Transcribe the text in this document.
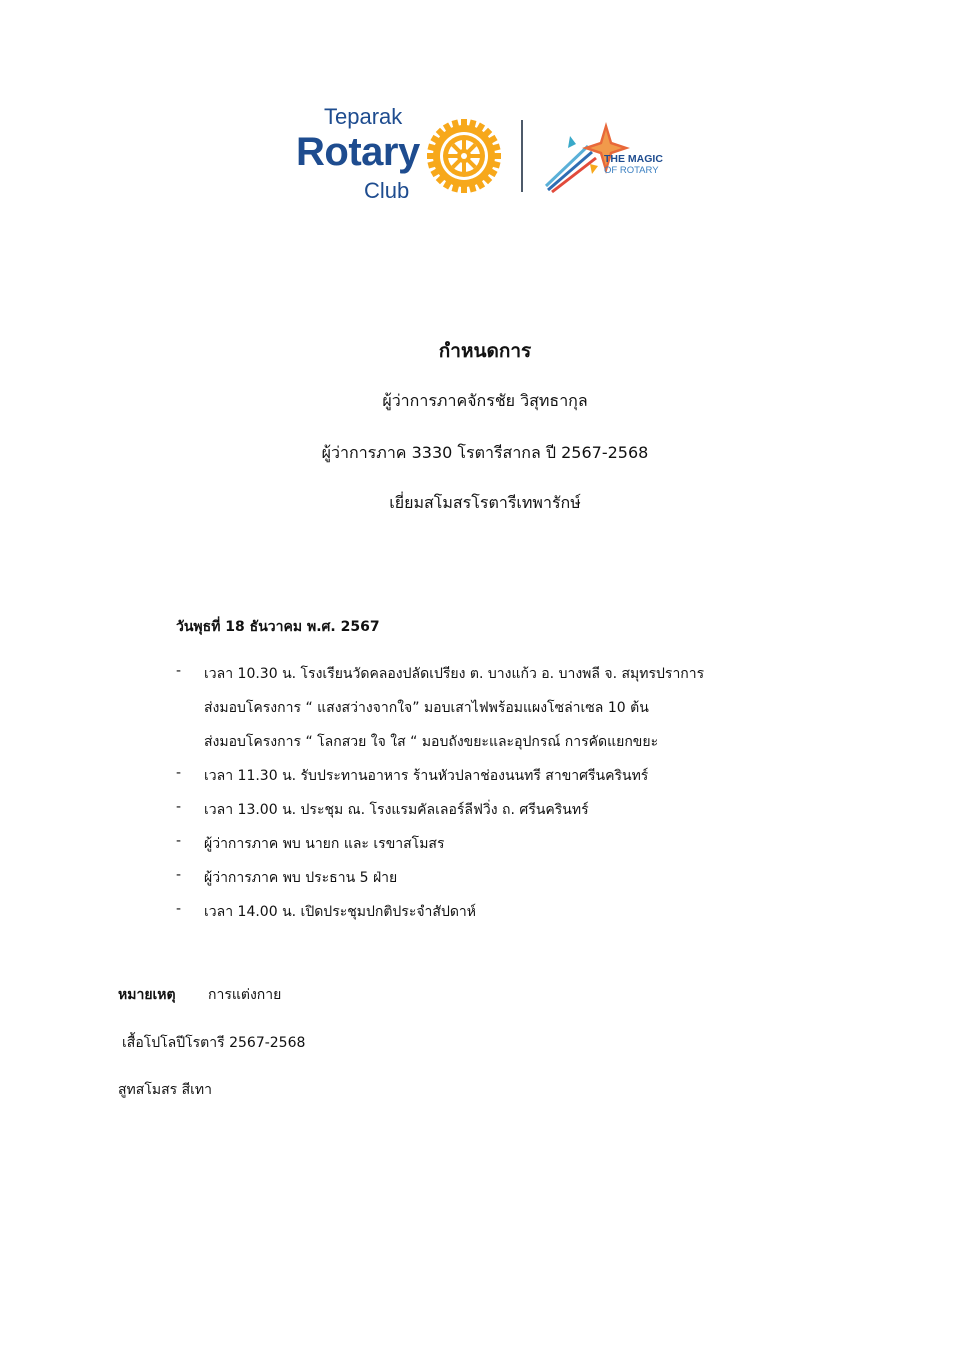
Teparak
Rotary
Club
THE MAGIC
OF ROTARY
กำหนดการ
ผู้ว่าการภาคจักรชัย วิสุทธากุล
ผู้ว่าการภาค 3330 โรตารีสากล ปี 2567-2568
เยี่ยมสโมสรโรตารีเทพารักษ์
วันพุธที่ 18 ธันวาคม พ.ศ. 2567
- เวลา 10.30 น. โรงเรียนวัดคลองปลัดเปรียง ต. บางแก้ว อ. บางพลี จ. สมุทรปราการ
ส่งมอบโครงการ “ แสงสว่างจากใจ” มอบเสาไฟพร้อมแผงโซล่าเซล 10 ต้น
ส่งมอบโครงการ “ โลกสวย ใจ ใส “ มอบถังขยะและอุปกรณ์ การคัดแยกขยะ
- เวลา 11.30 น. รับประทานอาหาร ร้านหัวปลาช่องนนทรี สาขาศรีนครินทร์
- เวลา 13.00 น. ประชุม ณ. โรงแรมคัลเลอร์ลีฟวิ่ง ถ. ศรีนครินทร์
- ผู้ว่าการภาค พบ นายก และ เรขาสโมสร
- ผู้ว่าการภาค พบ ประธาน 5 ฝ่าย
- เวลา 14.00 น. เปิดประชุมปกติประจำสัปดาห์
หมายเหตุ การแต่งกาย
เสื้อโปโลปีโรตารี 2567-2568
สูทสโมสร สีเทา
